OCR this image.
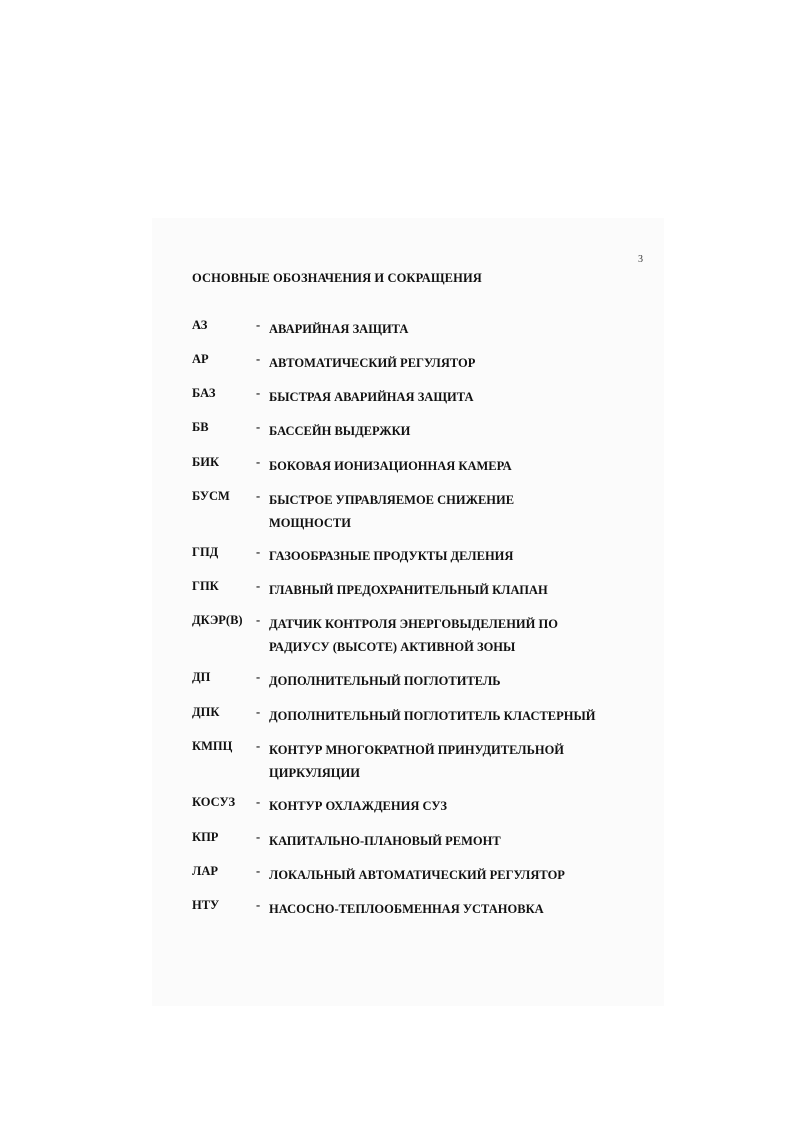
3
ОСНОВНЫЕ ОБОЗНАЧЕНИЯ И СОКРАЩЕНИЯ
АЗ	- АВАРИЙНАЯ ЗАЩИТА
АР	- АВТОМАТИЧЕСКИЙ РЕГУЛЯТОР
БАЗ	- БЫСТРАЯ АВАРИЙНАЯ ЗАЩИТА
БВ	- БАССЕЙН ВЫДЕРЖКИ
БИК	- БОКОВАЯ ИОНИЗАЦИОННАЯ КАМЕРА
БУСМ - БЫСТРОЕ УПРАВЛЯЕМОЕ СНИЖЕНИЕ МОЩНОСТИ
ГПД	- ГАЗООБРАЗНЫЕ ПРОДУКТЫ ДЕЛЕНИЯ
ГПК	- ГЛАВНЫЙ ПРЕДОХРАНИТЕЛЬНЫЙ КЛАПАН
ДКЭР(В) - ДАТЧИК КОНТРОЛЯ ЭНЕРГОВЫДЕЛЕНИЙ ПО РАДИУСУ (ВЫСОТЕ) АКТИВНОЙ ЗОНЫ
ДП	- ДОПОЛНИТЕЛЬНЫЙ ПОГЛОТИТЕЛЬ
ДПК	- ДОПОЛНИТЕЛЬНЫЙ ПОГЛОТИТЕЛЬ КЛАСТЕРНЫЙ
КМПЦ - КОНТУР МНОГОКРАТНОЙ ПРИНУДИТЕЛЬНОЙ ЦИРКУЛЯЦИИ
КОСУЗ - КОНТУР ОХЛАЖДЕНИЯ СУЗ
КПР	- КАПИТАЛЬНО-ПЛАНОВЫЙ РЕМОНТ
ЛАР	- ЛОКАЛЬНЫЙ АВТОМАТИЧЕСКИЙ РЕГУЛЯТОР
НТУ	- НАСОСНО-ТЕПЛООБМЕННАЯ УСТАНОВКА
